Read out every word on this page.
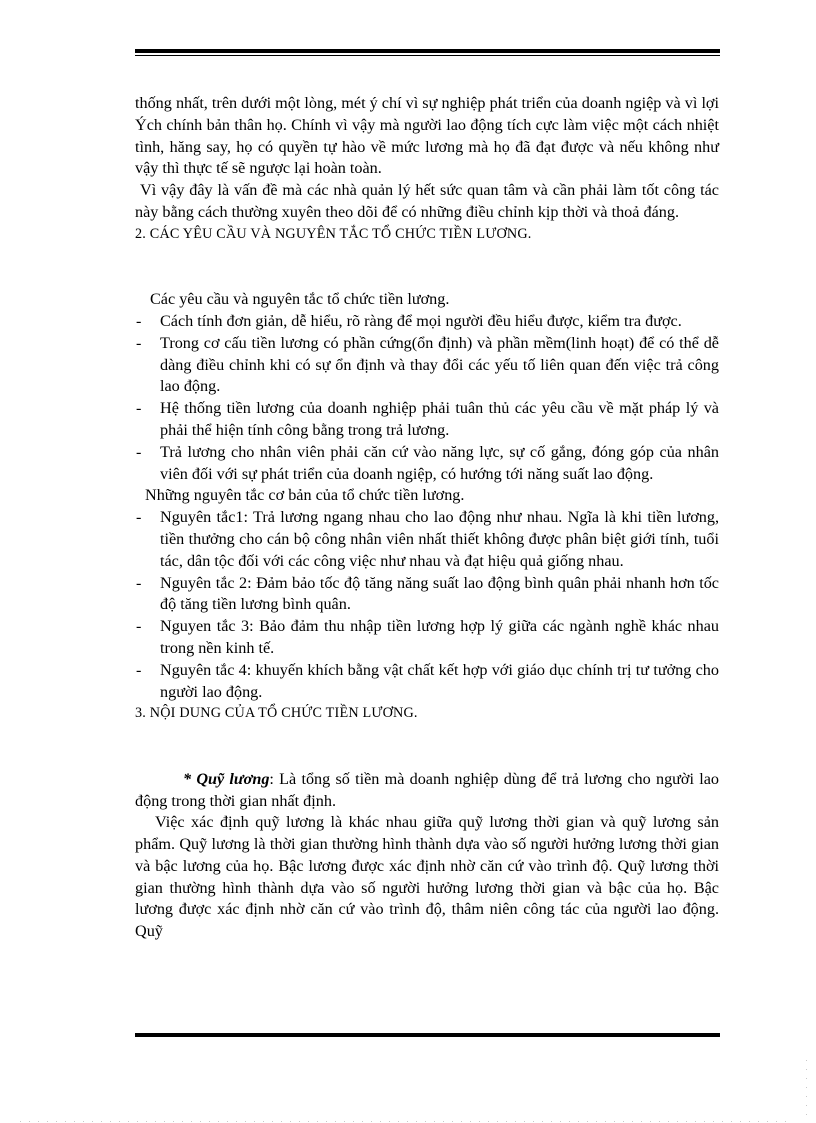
thống nhất, trên dưới một lòng, mét ý chí vì sự nghiệp phát triển của doanh ngiệp và vì lợi Ých chính bản thân họ. Chính vì vậy mà người lao động tích cực làm việc một cách nhiệt tình, hăng say, họ có quyền tự hào về mức lương mà họ đã đạt được và nếu không như vậy thì thực tế sẽ ngược lại hoàn toàn.

Vì vậy đây là vấn đề mà các nhà quản lý hết sức quan tâm và cần phải làm tốt công tác này bằng cách thường xuyên theo dõi để có những điều chỉnh kịp thời và thoả đáng.

2. CÁC YÊU CẦU VÀ NGUYÊN TẮC TỔ CHỨC TIỀN LƯƠNG.

Các yêu cầu và nguyên tắc tổ chức tiền lương.

- Cách tính đơn giản, dễ hiểu, rõ ràng để mọi người đều hiểu được, kiểm tra được.
- Trong cơ cấu tiền lương có phần cứng(ổn định) và phần mềm(linh hoạt) để có thể dễ dàng điều chỉnh khi có sự ổn định và thay đổi các yếu tố liên quan đến việc trả công lao động.
- Hệ thống tiền lương của doanh nghiệp phải tuân thủ các yêu cầu về mặt pháp lý và phải thể hiện tính công bằng trong trả lương.
- Trả lương cho nhân viên phải căn cứ vào năng lực, sự cố gắng, đóng góp của nhân viên đối với sự phát triển của doanh ngiệp, có hướng tới năng suất lao động.

Những nguyên tắc cơ bản của tổ chức tiền lương.

- Nguyên tắc1: Trả lương ngang nhau cho lao động như nhau. Ngĩa là khi tiền lương, tiền thưởng cho cán bộ công nhân viên nhất thiết không được phân biệt giới tính, tuổi tác, dân tộc đối với các công việc như nhau và đạt hiệu quả giống nhau.
- Nguyên tắc 2: Đảm bảo tốc độ tăng năng suất lao động bình quân phải nhanh hơn tốc độ tăng tiền lương bình quân.
- Nguyen tắc 3: Bảo đảm thu nhập tiền lương hợp lý giữa các ngành nghề khác nhau trong nền kinh tế.
- Nguyên tắc 4: khuyến khích bằng vật chất kết hợp với giáo dục chính trị tư tưởng cho người lao động.

3. NỘI DUNG CỦA TỔ CHỨC TIỀN LƯƠNG.

* Quỹ lương: Là tổng số tiền mà doanh nghiệp dùng để trả lương cho người lao động trong thời gian nhất định.

Việc xác định quỹ lương là khác nhau giữa quỹ lương thời gian và quỹ lương sản phẩm. Quỹ lương là thời gian thường hình thành dựa vào số người hưởng lương thời gian và bậc lương của họ. Bậc lương được xác định nhờ căn cứ vào trình độ. Quỹ lương thời gian thường hình thành dựa vào số người hưởng lương thời gian và bậc của họ. Bậc lương được xác định nhờ căn cứ vào trình độ, thâm niên công tác của người lao động. Quỹ
